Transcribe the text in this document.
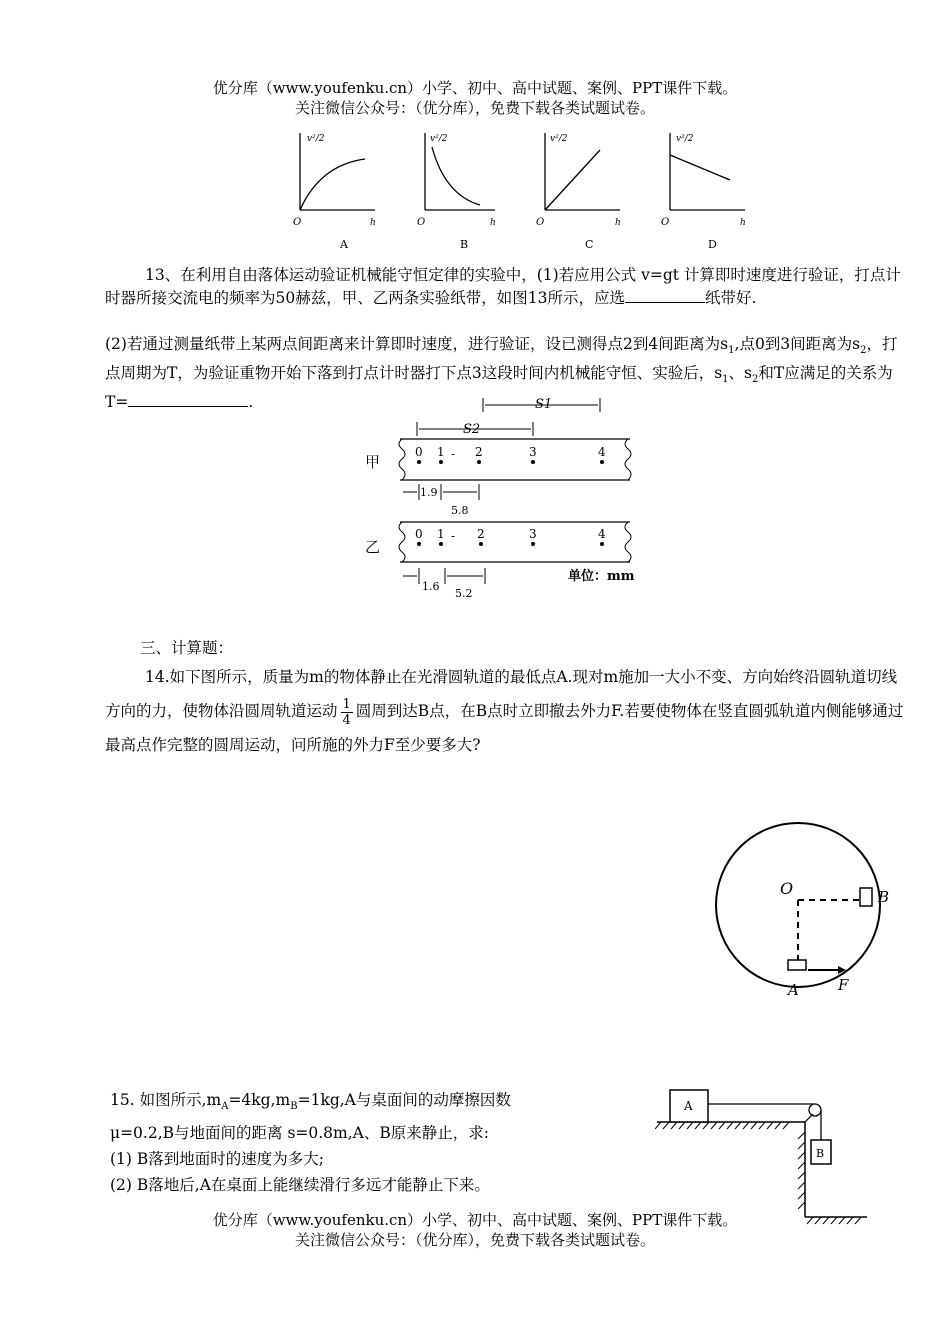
优分库（www.youfenku.cn）小学、初中、高中试题、案例、PPT课件下载。
关注微信公众号：（优分库），免费下载各类试题试卷。
v²/2
O	h
A
v²/2
O	h
B
v²/2
O	h
C
v²/2
O	h
D
13、在利用自由落体运动验证机械能守恒定律的实验中，(1)若应用公式 v=gt 计算即时速度进行验证，打点计时器所接交流电的频率为50赫兹，甲、乙两条实验纸带，如图13所示，应选	纸带好.
(2)若通过测量纸带上某两点间距离来计算即时速度，进行验证，设已测得点2到4间距离为$s_1$,点0到3间距离为$s_2$，打点周期为T，为验证重物开始下落到打点计时器打下点3这段时间内机械能守恒、实验后，$s_1$、$s_2$和T应满足的关系为T=	.	S1
S2
甲
0 1 - 2	3	4
1.9
5.8
乙
0 1 - 2	3	4
1.6
5.2
单位：mm
三、计算题：
14.如下图所示，质量为m的物体静止在光滑圆轨道的最低点A.现对m施加一大小不变、方向始终沿圆轨道切线方向的力，使物体沿圆周轨道运动 $\frac{1}{4}$ 圆周到达B点，在B点时立即撤去外力F.若要使物体在竖直圆弧轨道内侧能够通过最高点作完整的圆周运动，问所施的外力F至少要多大?
O	B
A	F
15. 如图所示$,m_A=4kg,m_B=1kg,A$与桌面间的动摩擦因数
μ=0.2,B与地面间的距离 s=0.8m,A、B原来静止，求:
(1) B落到地面时的速度为多大;
(2) B落地后,A在桌面上能继续滑行多远才能静止下来。
A
B
优分库（www.youfenku.cn）小学、初中、高中试题、案例、PPT课件下载。
关注微信公众号：（优分库），免费下载各类试题试卷。
